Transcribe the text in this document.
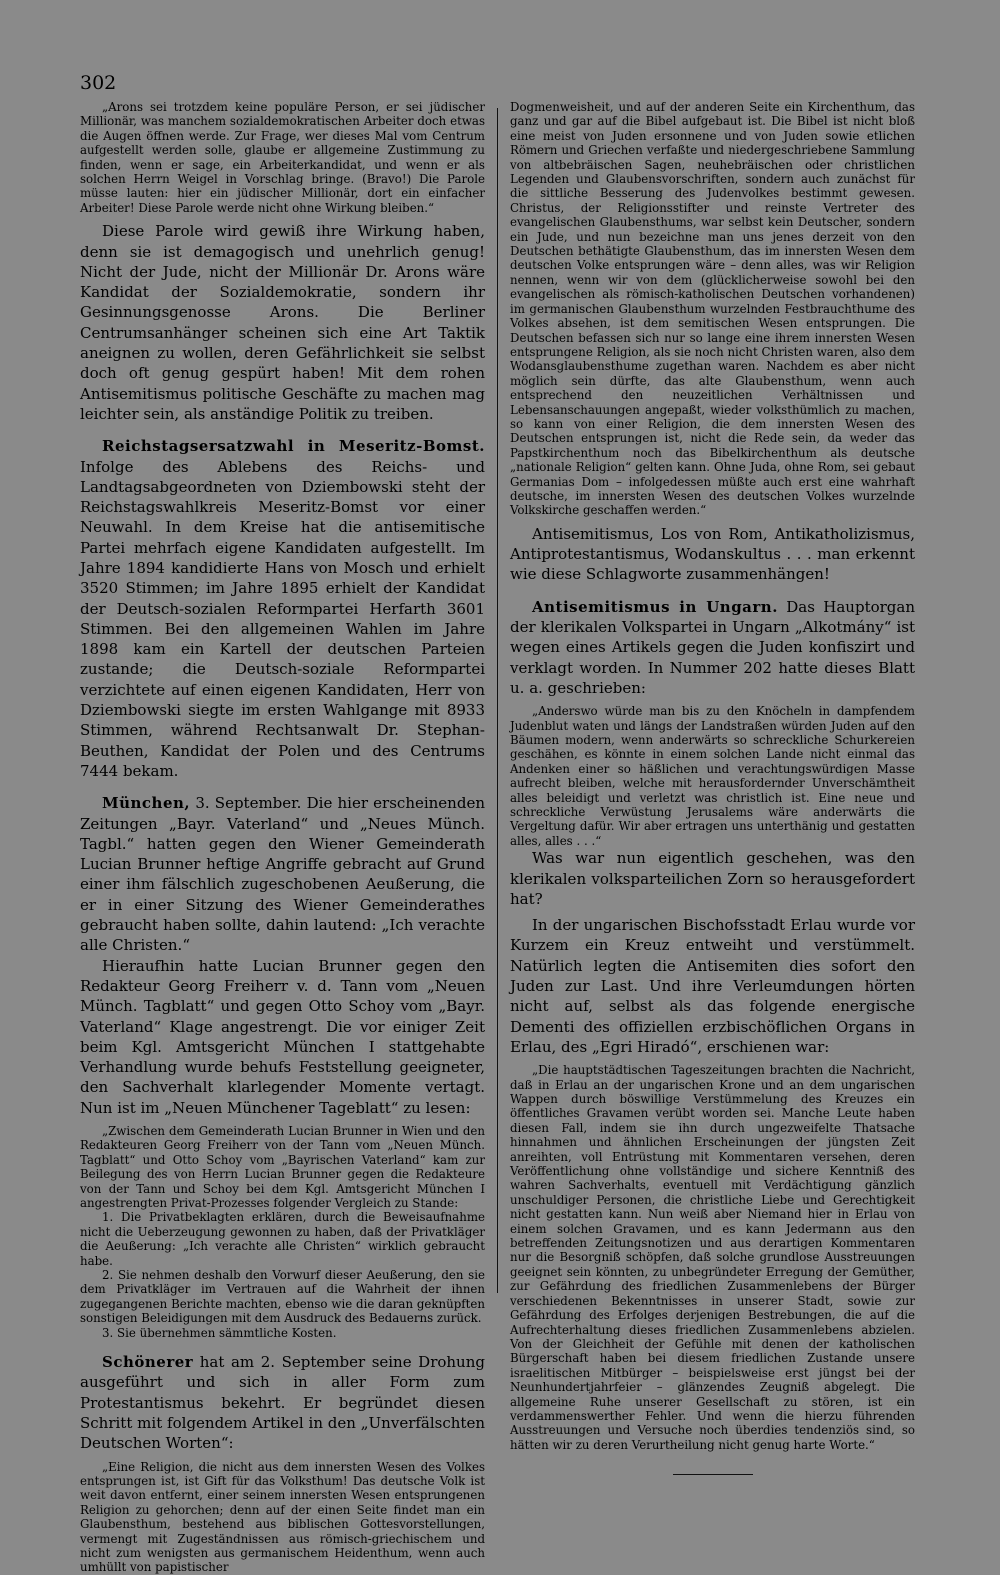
302

„Arons sei trotzdem keine populäre Person, er sei jüdischer Millionär, was manchem sozialdemokratischen Arbeiter doch etwas die Augen öffnen werde. Zur Frage, wer dieses Mal vom Centrum aufgestellt werden solle, glaube er allgemeine Zustimmung zu finden, wenn er sage, ein Arbeiterkandidat, und wenn er als solchen Herrn Weigel in Vorschlag bringe. (Bravo!) Die Parole müsse lauten: hier ein jüdischer Millionär, dort ein einfacher Arbeiter! Diese Parole werde nicht ohne Wirkung bleiben.“

Diese Parole wird gewiß ihre Wirkung haben, denn sie ist demagogisch und unehrlich genug! Nicht der Jude, nicht der Millionär Dr. Arons wäre Kandidat der Sozialdemokratie, sondern ihr Gesinnungsgenosse Arons. Die Berliner Centrumsanhänger scheinen sich eine Art Taktik aneignen zu wollen, deren Gefährlichkeit sie selbst doch oft genug gespürt haben! Mit dem rohen Antisemitismus politische Geschäfte zu machen mag leichter sein, als anständige Politik zu treiben.

Reichstagsersatzwahl in Meseritz-Bomst. Infolge des Ablebens des Reichs- und Landtagsabgeordneten von Dziembowski steht der Reichstagswahlkreis Meseritz-Bomst vor einer Neuwahl. In dem Kreise hat die antisemitische Partei mehrfach eigene Kandidaten aufgestellt. Im Jahre 1894 kandidierte Hans von Mosch und erhielt 3520 Stimmen; im Jahre 1895 erhielt der Kandidat der Deutsch-sozialen Reformpartei Herfarth 3601 Stimmen. Bei den allgemeinen Wahlen im Jahre 1898 kam ein Kartell der deutschen Parteien zustande; die Deutsch-soziale Reformpartei verzichtete auf einen eigenen Kandidaten, Herr von Dziembowski siegte im ersten Wahlgange mit 8933 Stimmen, während Rechtsanwalt Dr. Stephan-Beuthen, Kandidat der Polen und des Centrums 7444 bekam.

München, 3. September. Die hier erscheinenden Zeitungen „Bayr. Vaterland“ und „Neues Münch. Tagbl.“ hatten gegen den Wiener Gemeinderath Lucian Brunner heftige Angriffe gebracht auf Grund einer ihm fälschlich zugeschobenen Aeußerung, die er in einer Sitzung des Wiener Gemeinderathes gebraucht haben sollte, dahin lautend: „Ich verachte alle Christen.“

Hieraufhin hatte Lucian Brunner gegen den Redakteur Georg Freiherr v. d. Tann vom „Neuen Münch. Tagblatt“ und gegen Otto Schoy vom „Bayr. Vaterland“ Klage angestrengt. Die vor einiger Zeit beim Kgl. Amtsgericht München I stattgehabte Verhandlung wurde behufs Feststellung geeigneter, den Sachverhalt klarlegender Momente vertagt. Nun ist im „Neuen Münchener Tageblatt“ zu lesen:

„Zwischen dem Gemeinderath Lucian Brunner in Wien und den Redakteuren Georg Freiherr von der Tann vom „Neuen Münch. Tagblatt“ und Otto Schoy vom „Bayrischen Vaterland“ kam zur Beilegung des von Herrn Lucian Brunner gegen die Redakteure von der Tann und Schoy bei dem Kgl. Amtsgericht München I angestrengten Privat-Prozesses folgender Vergleich zu Stande:

1. Die Privatbeklagten erklären, durch die Beweisaufnahme nicht die Ueberzeugung gewonnen zu haben, daß der Privatkläger die Aeußerung: „Ich verachte alle Christen“ wirklich gebraucht habe.

2. Sie nehmen deshalb den Vorwurf dieser Aeußerung, den sie dem Privatkläger im Vertrauen auf die Wahrheit der ihnen zugegangenen Berichte machten, ebenso wie die daran geknüpften sonstigen Beleidigungen mit dem Ausdruck des Bedauerns zurück.

3. Sie übernehmen sämmtliche Kosten.

Schönerer hat am 2. September seine Drohung ausgeführt und sich in aller Form zum Protestantismus bekehrt. Er begründet diesen Schritt mit folgendem Artikel in den „Unverfälschten Deutschen Worten“:

„Eine Religion, die nicht aus dem innersten Wesen des Volkes entsprungen ist, ist Gift für das Volksthum! Das deutsche Volk ist weit davon entfernt, einer seinem innersten Wesen entsprungenen Religion zu gehorchen; denn auf der einen Seite findet man ein Glaubensthum, bestehend aus biblischen Gottesvorstellungen, vermengt mit Zugeständnissen aus römisch-griechischem und nicht zum wenigsten aus germanischem Heidenthum, wenn auch umhüllt von papistischer

Dogmenweisheit, und auf der anderen Seite ein Kirchenthum, das ganz und gar auf die Bibel aufgebaut ist. Die Bibel ist nicht bloß eine meist von Juden ersonnene und von Juden sowie etlichen Römern und Griechen verfaßte und niedergeschriebene Sammlung von altbebräischen Sagen, neuhebräischen oder christlichen Legenden und Glaubensvorschriften, sondern auch zunächst für die sittliche Besserung des Judenvolkes bestimmt gewesen. Christus, der Religionsstifter und reinste Vertreter des evangelischen Glaubensthums, war selbst kein Deutscher, sondern ein Jude, und nun bezeichne man uns jenes derzeit von den Deutschen bethätigte Glaubensthum, das im innersten Wesen dem deutschen Volke entsprungen wäre – denn alles, was wir Religion nennen, wenn wir von dem (glücklicherweise sowohl bei den evangelischen als römisch-katholischen Deutschen vorhandenen) im germanischen Glaubensthum wurzelnden Festbrauchthume des Volkes absehen, ist dem semitischen Wesen entsprungen. Die Deutschen befassen sich nur so lange eine ihrem innersten Wesen entsprungene Religion, als sie noch nicht Christen waren, also dem Wodansglaubensthume zugethan waren. Nachdem es aber nicht möglich sein dürfte, das alte Glaubensthum, wenn auch entsprechend den neuzeitlichen Verhältnissen und Lebensanschauungen angepaßt, wieder volksthümlich zu machen, so kann von einer Religion, die dem innersten Wesen des Deutschen entsprungen ist, nicht die Rede sein, da weder das Papstkirchenthum noch das Bibelkirchenthum als deutsche „nationale Religion“ gelten kann. Ohne Juda, ohne Rom, sei gebaut Germanias Dom – infolgedessen müßte auch erst eine wahrhaft deutsche, im innersten Wesen des deutschen Volkes wurzelnde Volkskirche geschaffen werden.“

Antisemitismus, Los von Rom, Antikatholizismus, Antiprotestantismus, Wodanskultus . . . man erkennt wie diese Schlagworte zusammenhängen!

Antisemitismus in Ungarn. Das Hauptorgan der klerikalen Volkspartei in Ungarn „Alkotmány“ ist wegen eines Artikels gegen die Juden konfiszirt und verklagt worden. In Nummer 202 hatte dieses Blatt u. a. geschrieben:

„Anderswo würde man bis zu den Knöcheln in dampfendem Judenblut waten und längs der Landstraßen würden Juden auf den Bäumen modern, wenn anderwärts so schreckliche Schurkereien geschähen, es könnte in einem solchen Lande nicht einmal das Andenken einer so häßlichen und verachtungswürdigen Masse aufrecht bleiben, welche mit herausfordernder Unverschämtheit alles beleidigt und verletzt was christlich ist. Eine neue und schreckliche Verwüstung Jerusalems wäre anderwärts die Vergeltung dafür. Wir aber ertragen uns unterthänig und gestatten alles, alles . . .“

Was war nun eigentlich geschehen, was den klerikalen volksparteilichen Zorn so herausgefordert hat?

In der ungarischen Bischofsstadt Erlau wurde vor Kurzem ein Kreuz entweiht und verstümmelt. Natürlich legten die Antisemiten dies sofort den Juden zur Last. Und ihre Verleumdungen hörten nicht auf, selbst als das folgende energische Dementi des offiziellen erzbischöflichen Organs in Erlau, des „Egri Hiradó“, erschienen war:

„Die hauptstädtischen Tageszeitungen brachten die Nachricht, daß in Erlau an der ungarischen Krone und an dem ungarischen Wappen durch böswillige Verstümmelung des Kreuzes ein öffentliches Gravamen verübt worden sei. Manche Leute haben diesen Fall, indem sie ihn durch ungezweifelte Thatsache hinnahmen und ähnlichen Erscheinungen der jüngsten Zeit anreihten, voll Entrüstung mit Kommentaren versehen, deren Veröffentlichung ohne vollständige und sichere Kenntniß des wahren Sachverhalts, eventuell mit Verdächtigung gänzlich unschuldiger Personen, die christliche Liebe und Gerechtigkeit nicht gestatten kann. Nun weiß aber Niemand hier in Erlau von einem solchen Gravamen, und es kann Jedermann aus den betreffenden Zeitungsnotizen und aus derartigen Kommentaren nur die Besorgniß schöpfen, daß solche grundlose Ausstreuungen geeignet sein könnten, zu unbegründeter Erregung der Gemüther, zur Gefährdung des friedlichen Zusammenlebens der Bürger verschiedenen Bekenntnisses in unserer Stadt, sowie zur Gefährdung des Erfolges derjenigen Bestrebungen, die auf die Aufrechterhaltung dieses friedlichen Zusammenlebens abzielen. Von der Gleichheit der Gefühle mit denen der katholischen Bürgerschaft haben bei diesem friedlichen Zustande unsere israelitischen Mitbürger – beispielsweise erst jüngst bei der Neunhundertjahrfeier – glänzendes Zeugniß abgelegt. Die allgemeine Ruhe unserer Gesellschaft zu stören, ist ein verdammenswerther Fehler. Und wenn die hierzu führenden Ausstreuungen und Versuche noch überdies tendenziös sind, so hätten wir zu deren Verurtheilung nicht genug harte Worte.“
